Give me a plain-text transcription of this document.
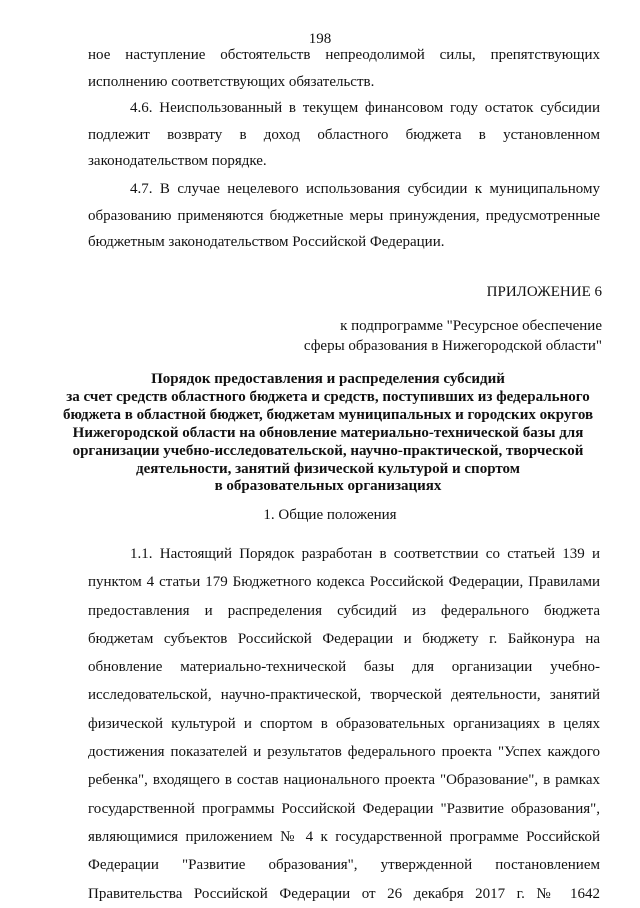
198

ное наступление обстоятельств непреодолимой силы, препятствующих исполнению соответствующих обязательств.

4.6. Неиспользованный в текущем финансовом году остаток субсидии подлежит возврату в доход областного бюджета в установленном законодательством порядке.

4.7. В случае нецелевого использования субсидии к муниципальному образованию применяются бюджетные меры принуждения, предусмотренные бюджетным законодательством Российской Федерации.

ПРИЛОЖЕНИЕ 6
к подпрограмме "Ресурсное обеспечение
сферы образования в Нижегородской области"
Порядок предоставления и распределения субсидий
за счет средств областного бюджета и средств, поступивших из федерального
бюджета в областной бюджет, бюджетам муниципальных и городских округов
Нижегородской области на обновление материально-технической базы для
организации учебно-исследовательской, научно-практической, творческой
деятельности, занятий физической культурой и спортом
в образовательных организациях
1. Общие положения

1.1. Настоящий Порядок разработан в соответствии со статьей 139 и пунктом 4 статьи 179 Бюджетного кодекса Российской Федерации, Правилами предоставления и распределения субсидий из федерального бюджета бюджетам субъектов Российской Федерации и бюджету г. Байконура на обновление материально-технической базы для организации учебно-исследовательской, научно-практической, творческой деятельности, занятий физической культурой и спортом в образовательных организациях в целях достижения показателей и результатов федерального проекта "Успех каждого ребенка", входящего в состав национального проекта "Образование", в рамках государственной программы Российской Федерации "Развитие образования", являющимися приложением № 4 к государственной программе Российской Федерации "Развитие образования", утвержденной постановлением Правительства Российской Федерации от 26 декабря 2017 г. № 1642
